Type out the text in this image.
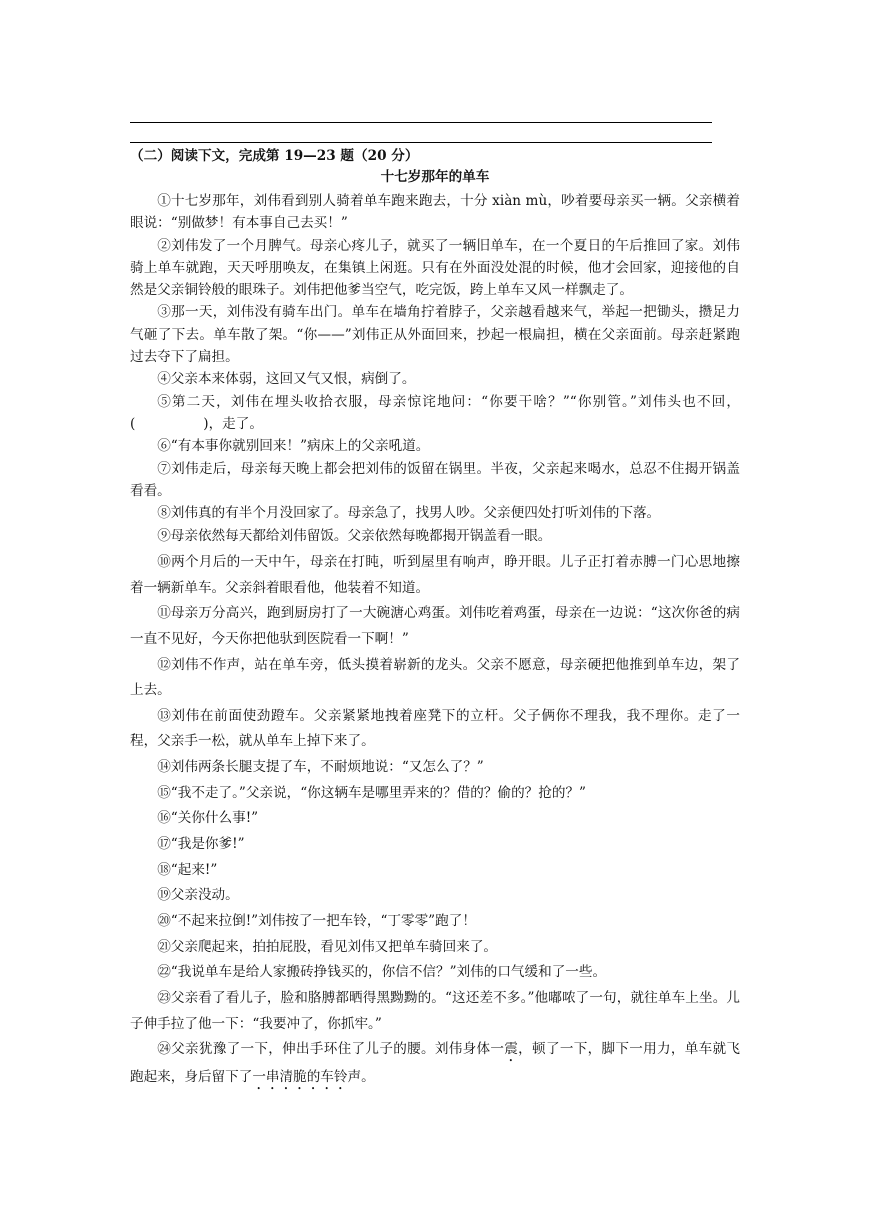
（二）阅读下文，完成第 19—23 题（20 分）

十七岁那年的单车

①十七岁那年，刘伟看到别人骑着单车跑来跑去，十分 xiàn mù，吵着要母亲买一辆。父亲横着眼说：“别做梦！有本事自己去买！”

②刘伟发了一个月脾气。母亲心疼儿子，就买了一辆旧单车，在一个夏日的午后推回了家。刘伟骑上单车就跑，天天呼朋唤友，在集镇上闲逛。只有在外面没处混的时候，他才会回家，迎接他的自然是父亲铜铃般的眼珠子。刘伟把他爹当空气，吃完饭，跨上单车又风一样飘走了。

③那一天，刘伟没有骑车出门。单车在墙角拧着脖子，父亲越看越来气，举起一把锄头，攒足力气砸了下去。单车散了架。“你——”刘伟正从外面回来，抄起一根扁担，横在父亲面前。母亲赶紧跑过去夺下了扁担。

④父亲本来体弱，这回又气又恨，病倒了。

⑤第二天，刘伟在埋头收拾衣服，母亲惊诧地问：“你要干啥？”“你别管。”刘伟头也不回，(　　　　　)，走了。

⑥“有本事你就别回来！”病床上的父亲吼道。

⑦刘伟走后，母亲每天晚上都会把刘伟的饭留在锅里。半夜，父亲起来喝水，总忍不住揭开锅盖看看。

⑧刘伟真的有半个月没回家了。母亲急了，找男人吵。父亲便四处打听刘伟的下落。

⑨母亲依然每天都给刘伟留饭。父亲依然每晚都揭开锅盖看一眼。

⑩两个月后的一天中午，母亲在打盹，听到屋里有响声，睁开眼。儿子正打着赤膊一门心思地擦着一辆新单车。父亲斜着眼看他，他装着不知道。

⑪母亲万分高兴，跑到厨房打了一大碗溏心鸡蛋。刘伟吃着鸡蛋，母亲在一边说：“这次你爸的病一直不见好，今天你把他驮到医院看一下啊！”

⑫刘伟不作声，站在单车旁，低头摸着崭新的龙头。父亲不愿意，母亲硬把他推到单车边，架了上去。

⑬刘伟在前面使劲蹬车。父亲紧紧地拽着座凳下的立杆。父子俩你不理我，我不理你。走了一程，父亲手一松，就从单车上掉下来了。

⑭刘伟两条长腿支提了车，不耐烦地说：“又怎么了？”

⑮“我不走了。”父亲说，“你这辆车是哪里弄来的？借的？偷的？抢的？”

⑯“关你什么事!”

⑰“我是你爹!”

⑱“起来!”

⑲父亲没动。

⑳“不起来拉倒!”刘伟按了一把车铃，“丁零零”跑了！

㉑父亲爬起来，拍拍屁股，看见刘伟又把单车骑回来了。

㉒“我说单车是给人家搬砖挣钱买的，你信不信？”刘伟的口气缓和了一些。

㉓父亲看了看儿子，脸和胳膊都晒得黑黝黝的。“这还差不多。”他嘟哝了一句，就往单车上坐。儿子伸手拉了他一下：“我要冲了，你抓牢。”

㉔父亲犹豫了一下，伸出手环住了儿子的腰。刘伟身体一震，顿了一下，脚下一用力，单车就飞跑起来，身后留下了一串清脆的车铃声。
